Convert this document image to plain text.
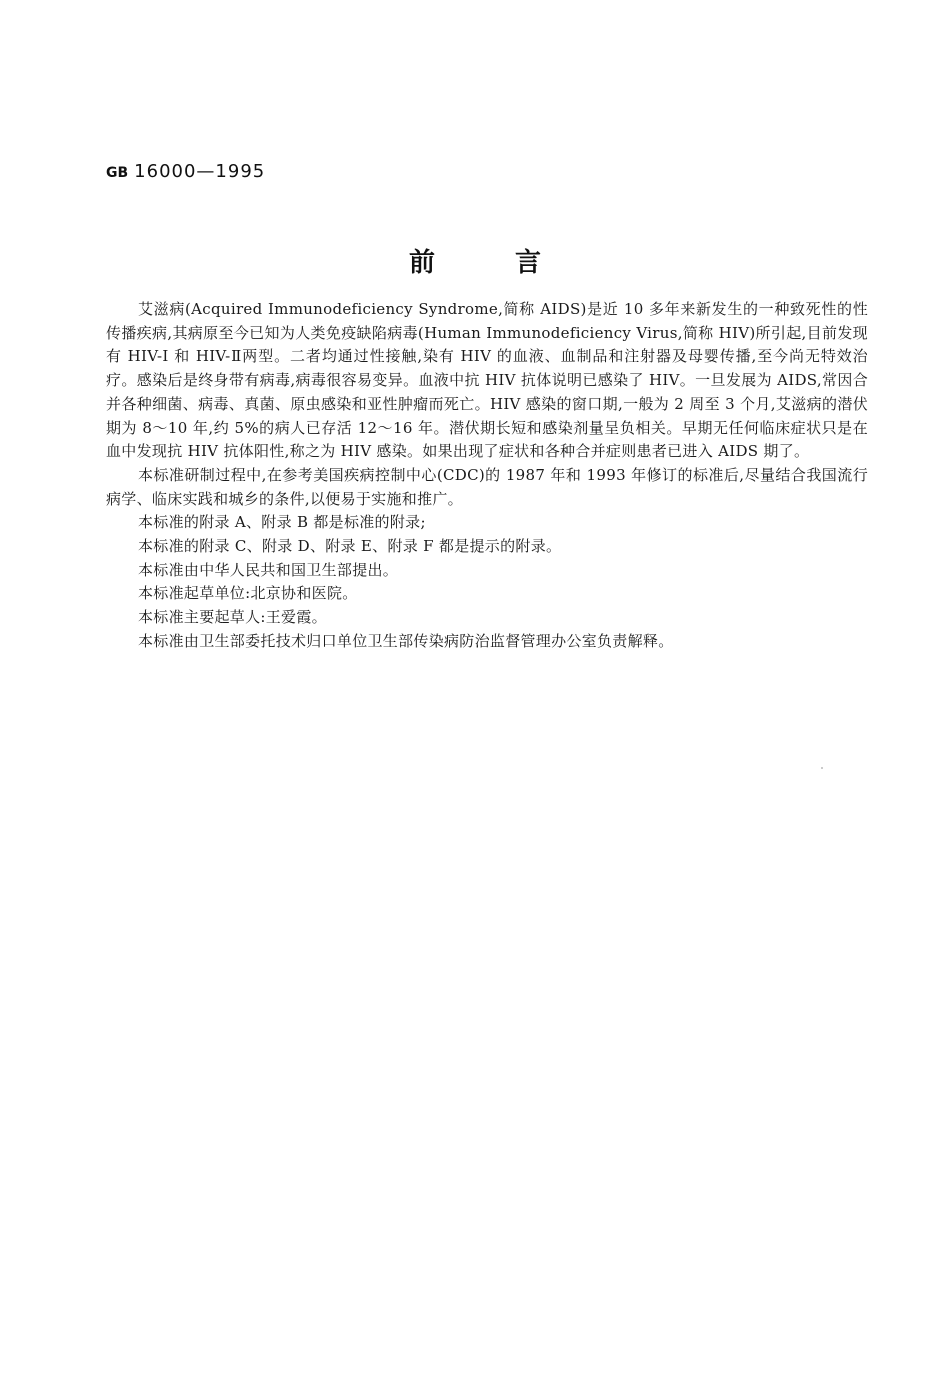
GB 16000—1995
前言

艾滋病(Acquired Immunodeficiency Syndrome,简称 AIDS)是近 10 多年来新发生的一种致死性的性传播疾病,其病原至今已知为人类免疫缺陷病毒(Human Immunodeficiency Virus,简称 HIV)所引起,目前发现有 HIV-I 和 HIV-Ⅱ两型。二者均通过性接触,染有 HIV 的血液、血制品和注射器及母婴传播,至今尚无特效治疗。感染后是终身带有病毒,病毒很容易变异。血液中抗 HIV 抗体说明已感染了 HIV。一旦发展为 AIDS,常因合并各种细菌、病毒、真菌、原虫感染和亚性肿瘤而死亡。HIV 感染的窗口期,一般为 2 周至 3 个月,艾滋病的潜伏期为 8～10 年,约 5%的病人已存活 12～16 年。潜伏期长短和感染剂量呈负相关。早期无任何临床症状只是在血中发现抗 HIV 抗体阳性,称之为 HIV 感染。如果出现了症状和各种合并症则患者已进入 AIDS 期了。

本标准研制过程中,在参考美国疾病控制中心(CDC)的 1987 年和 1993 年修订的标准后,尽量结合我国流行病学、临床实践和城乡的条件,以便易于实施和推广。

本标准的附录 A、附录 B 都是标准的附录;

本标准的附录 C、附录 D、附录 E、附录 F 都是提示的附录。

本标准由中华人民共和国卫生部提出。

本标准起草单位:北京协和医院。

本标准主要起草人:王爱霞。

本标准由卫生部委托技术归口单位卫生部传染病防治监督管理办公室负责解释。
